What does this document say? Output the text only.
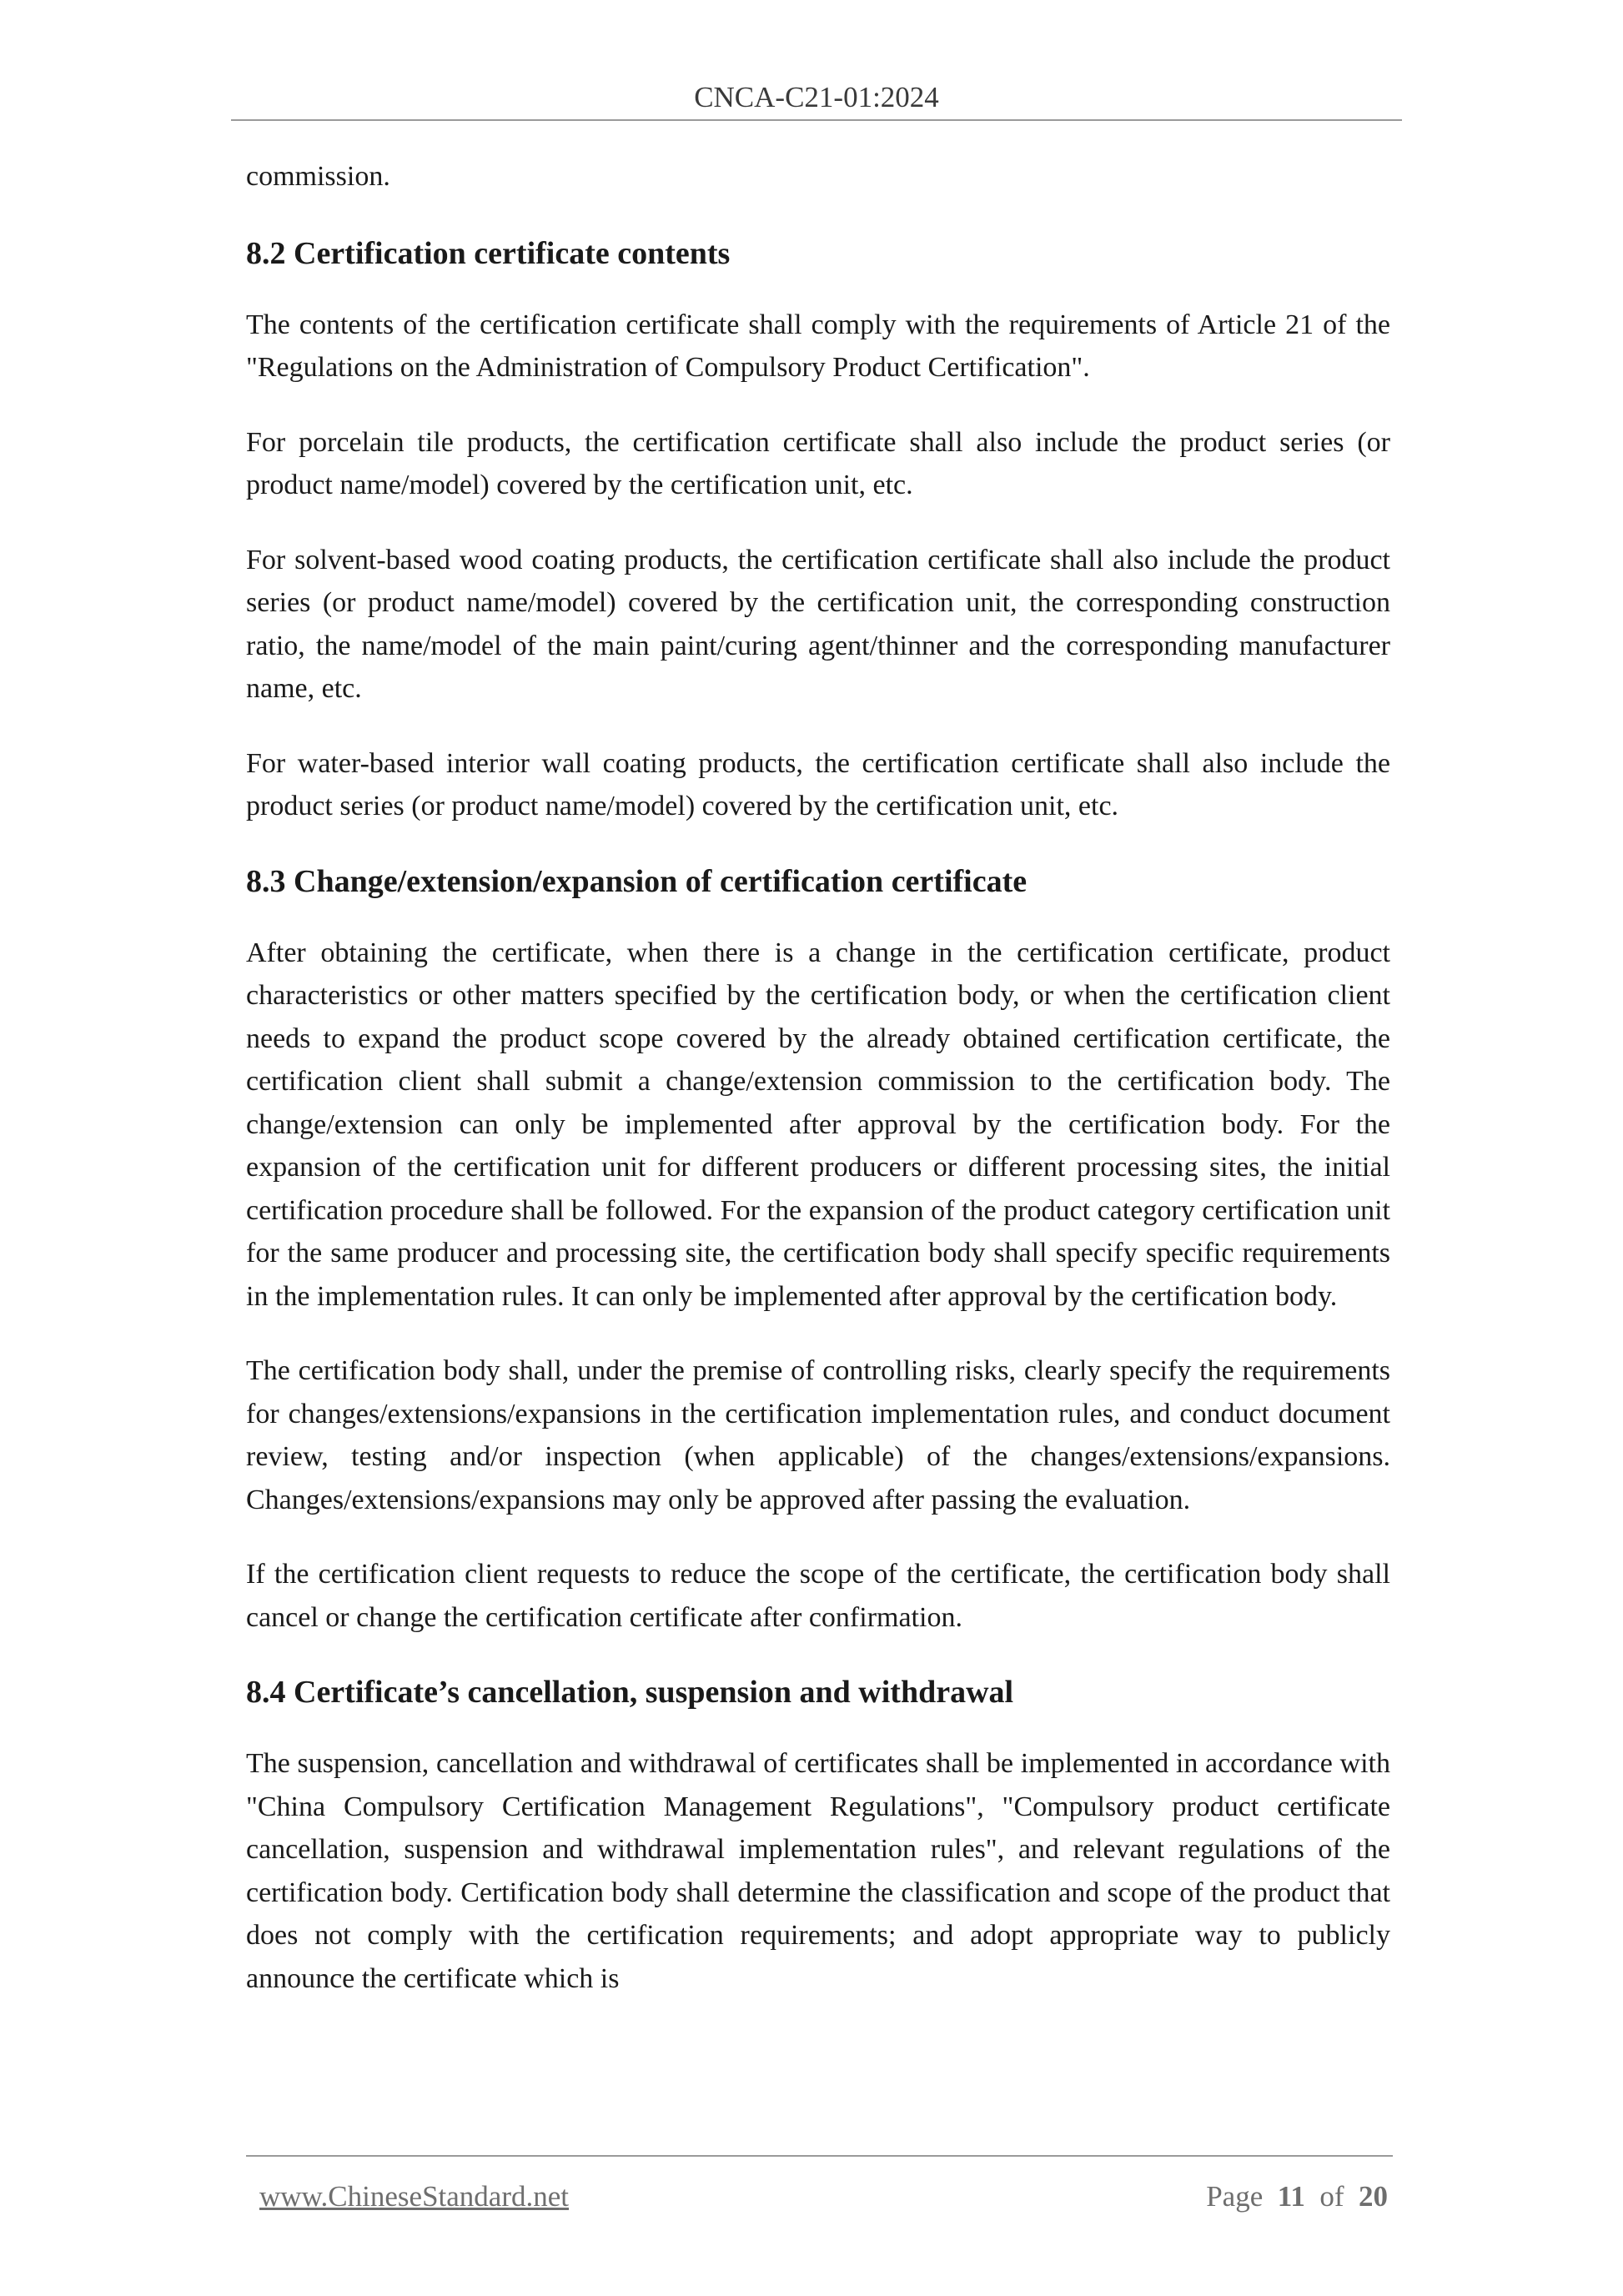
CNCA-C21-01:2024

commission.

8.2 Certification certificate contents

The contents of the certification certificate shall comply with the requirements of Article 21 of the "Regulations on the Administration of Compulsory Product Certification".

For porcelain tile products, the certification certificate shall also include the product series (or product name/model) covered by the certification unit, etc.

For solvent-based wood coating products, the certification certificate shall also include the product series (or product name/model) covered by the certification unit, the corresponding construction ratio, the name/model of the main paint/curing agent/thinner and the corresponding manufacturer name, etc.

For water-based interior wall coating products, the certification certificate shall also include the product series (or product name/model) covered by the certification unit, etc.

8.3 Change/extension/expansion of certification certificate

After obtaining the certificate, when there is a change in the certification certificate, product characteristics or other matters specified by the certification body, or when the certification client needs to expand the product scope covered by the already obtained certification certificate, the certification client shall submit a change/extension commission to the certification body. The change/extension can only be implemented after approval by the certification body. For the expansion of the certification unit for different producers or different processing sites, the initial certification procedure shall be followed. For the expansion of the product category certification unit for the same producer and processing site, the certification body shall specify specific requirements in the implementation rules. It can only be implemented after approval by the certification body.

The certification body shall, under the premise of controlling risks, clearly specify the requirements for changes/extensions/expansions in the certification implementation rules, and conduct document review, testing and/or inspection (when applicable) of the changes/extensions/expansions. Changes/extensions/expansions may only be approved after passing the evaluation.

If the certification client requests to reduce the scope of the certificate, the certification body shall cancel or change the certification certificate after confirmation.

8.4 Certificate’s cancellation, suspension and withdrawal

The suspension, cancellation and withdrawal of certificates shall be implemented in accordance with "China Compulsory Certification Management Regulations", "Compulsory product certificate cancellation, suspension and withdrawal implementation rules", and relevant regulations of the certification body. Certification body shall determine the classification and scope of the product that does not comply with the certification requirements; and adopt appropriate way to publicly announce the certificate which is

www.ChineseStandard.net	Page 11 of 20
